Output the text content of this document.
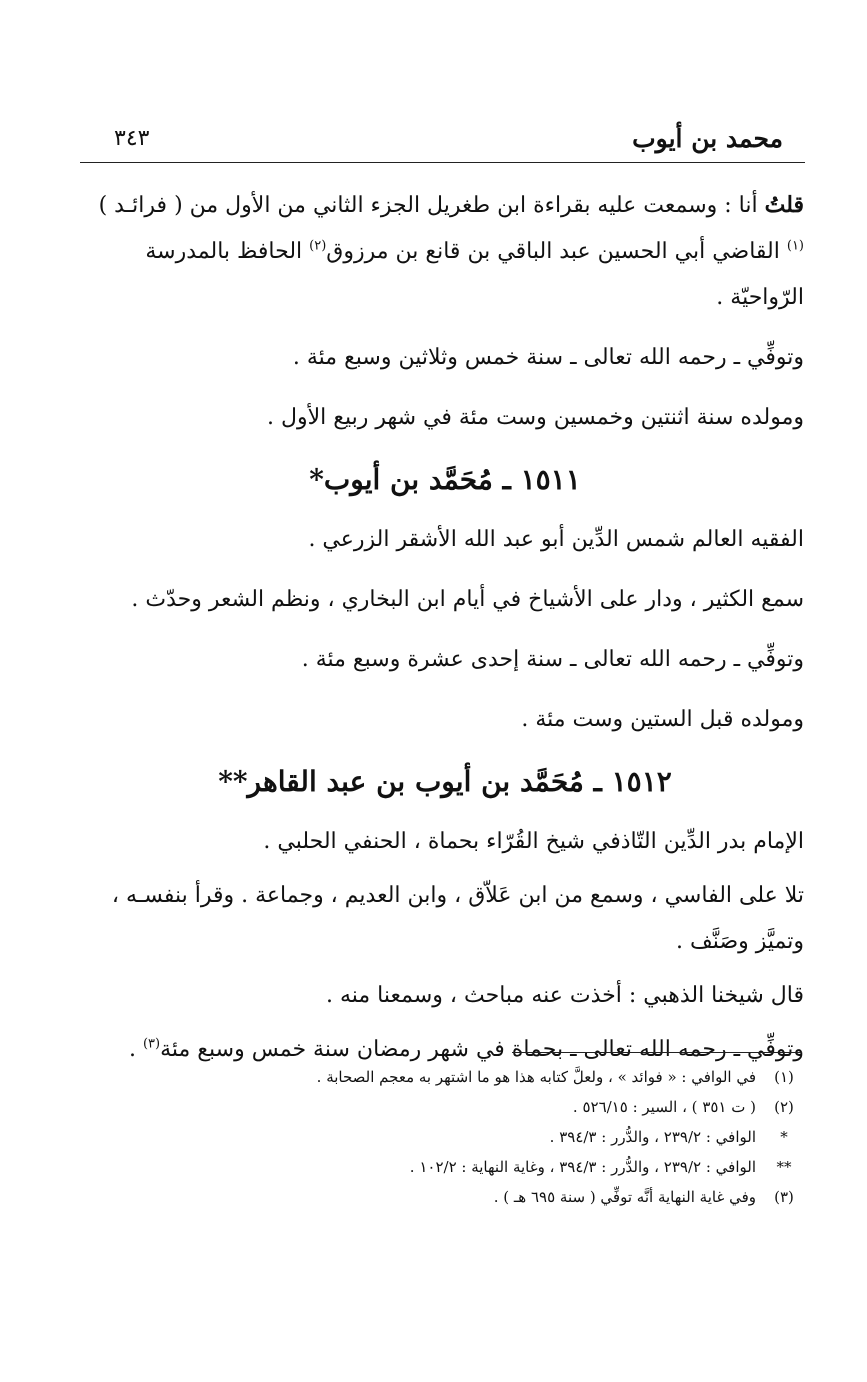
محمد بن أيوب
٣٤٣

قلتُ أنا : وسمعت عليه بقراءة ابن طغريل الجزء الثاني من الأول من ( فرائـد )$^{(١)}$ القاضي أبي الحسين عبد الباقي بن قانع بن مرزوق$^{(٢)}$ الحافظ بالمدرسة الرّواحيّة .

وتوفِّي ـ رحمه الله تعالى ـ سنة خمس وثلاثين وسبع مئة .

ومولده سنة اثنتين وخمسين وست مئة في شهر ربيع الأول .

١٥١١ ـ مُحَمَّد بن أيوب*

الفقيه العالم شمس الدِّين أبو عبد الله الأشقر الزرعي .

سمع الكثير ، ودار على الأشياخ في أيام ابن البخاري ، ونظم الشعر وحدّث .

وتوفِّي ـ رحمه الله تعالى ـ سنة إحدى عشرة وسبع مئة .

ومولده قبل الستين وست مئة .

١٥١٢ ـ مُحَمَّد بن أيوب بن عبد القاهر**

الإمام بدر الدِّين التّاذفي شيخ القُرّاء بحماة ، الحنفي الحلبي .

تلا على الفاسي ، وسمع من ابن عَلاّق ، وابن العديم ، وجماعة . وقرأ بنفسـه ، وتميَّز وصَنَّف .

قال شيخنا الذهبي : أخذت عنه مباحث ، وسمعنا منه .

وتوفِّي ـ رحمه الله تعالى ـ بحماة في شهر رمضان سنة خمس وسبع مئة$^{(٣)}$ .

(١)
في الوافي : « فوائد » ، ولعلَّ كتابه هذا هو ما اشتهر به معجم الصحابة .
(٢)
( ت ٣٥١ ) ، السير : ٥٢٦/١٥ .
*
الوافي : ٢٣٩/٢ ، والدُّرر : ٣٩٤/٣ .
**
الوافي : ٢٣٩/٢ ، والدُّرر : ٣٩٤/٣ ، وغاية النهاية : ١٠٢/٢ .
(٣)
وفي غاية النهاية أنَّه توفِّي ( سنة ٦٩٥ هـ ) .
